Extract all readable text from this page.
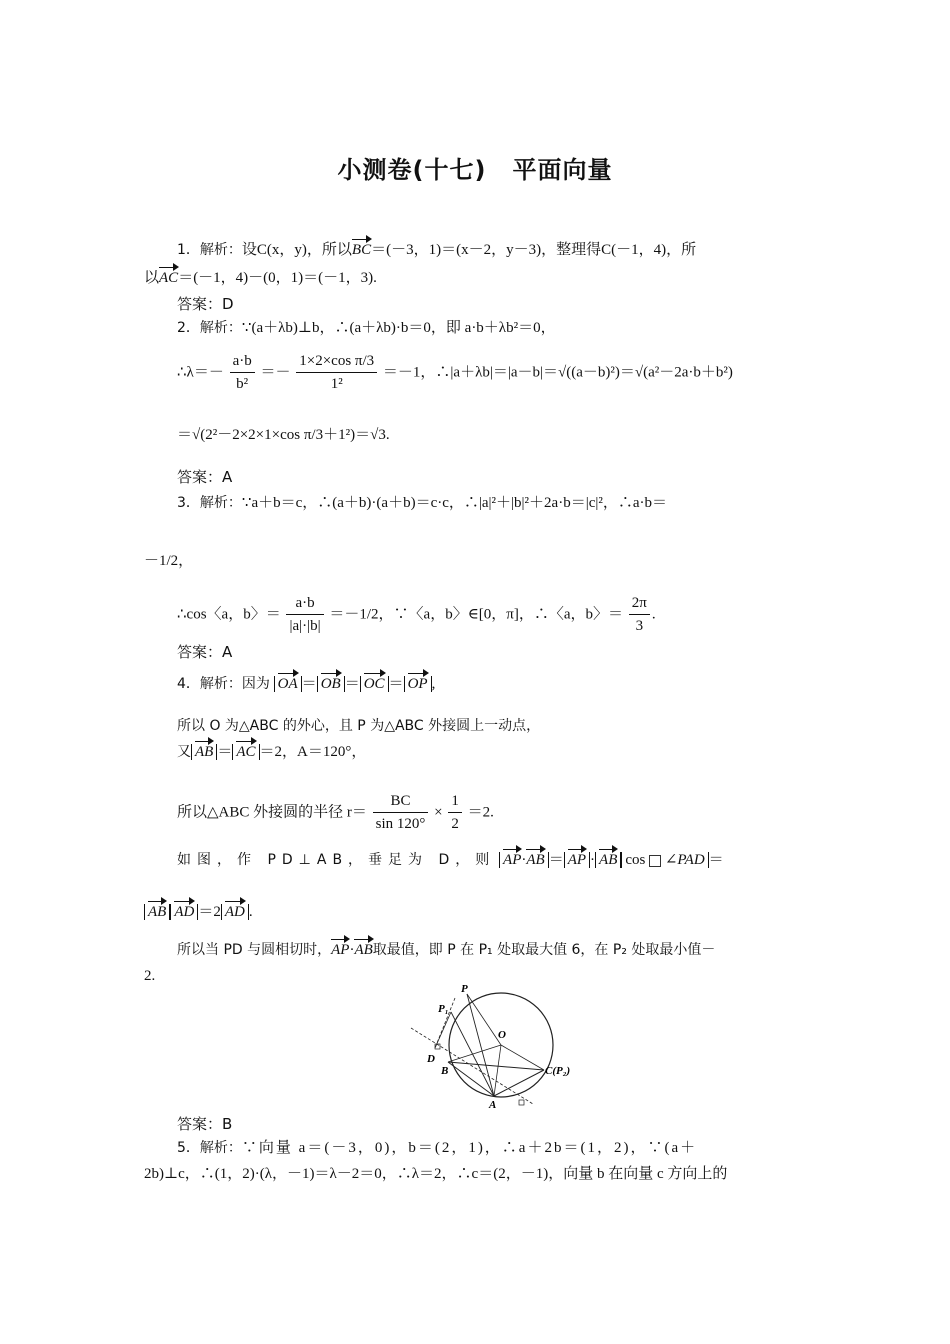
小测卷(十七) 平面向量
1．解析：设C(x，y)，所以BC＝(－3，1)＝(x－2，y－3)，整理得C(－1，4)，所
以AC＝(－1，4)－(0，1)＝(－1，3).
答案：D
2．解析：∵(a＋λb)⊥b，∴(a＋λb)·b＝0，即 a·b＋λb²＝0，
∴λ＝－ $\frac{a\cdot b}{\text{b²}} =- \frac{\text{1×2×cos π/3}}{\text{1²}} =-1$，∴|a＋λb|＝|a－b|＝√((a－b)²)＝√(a²－2a·b＋b²)
＝√(2²－2×2×1×cos π/3＋1²)＝√3.
答案：A
3．解析：∵a＋b＝c，∴(a＋b)·(a＋b)＝c·c，∴|a|²＋|b|²＋2a·b＝|c|²，∴a·b＝
－1/2，
∴cos〈a，b〉＝ $\frac{a\cdot b}{|a|\cdot|b|} =-1/2$，∵〈a，b〉∈[0，π]，∴〈a，b〉＝ $\frac{2\pi}{3}$ .
答案：A
4．解析：因为 OA ＝ OB ＝ OC ＝ OP ,
所以 O 为△ABC 的外心，且 P 为△ABC 外接圆上一动点，
又 AB ＝ AC ＝2，A＝120°，
所以△ABC 外接圆的半径 $r= \frac{BC}{\sin 120^\circ} \times \frac{1}{2} =2$.
如图，作 PD⊥AB，垂足为 D，则 AP·AB ＝ AP · AB cos ∠PAD ＝
AB AD ＝2 AD .
所以当 PD 与圆相切时，AP·AB取最值，即 P 在 P₁ 处取最大值 6，在 P₂ 处取最小值－
2.
P
P₁
O
D
B
A
C(P₂)
答案：B
5．解析：∵向量 a＝(－3，0)，b＝(2，1)，∴a＋2b＝(1，2)，∵(a＋
2b)⊥c，∴(1，2)·(λ，－1)＝λ－2＝0，∴λ＝2，∴c＝(2，－1)，向量 b 在向量 c 方向上的
